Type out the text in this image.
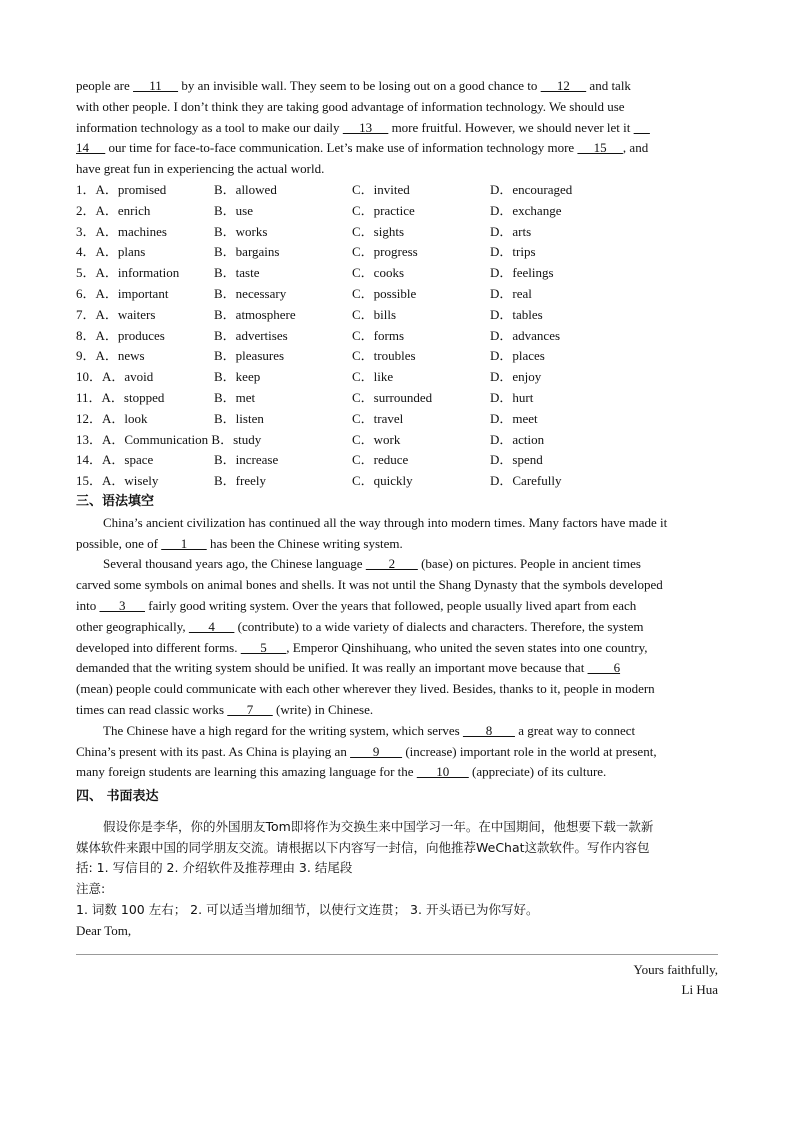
people are      11      by an invisible wall. They seem to be losing out on a good chance to      12      and talk
with other people. I don’t think they are taking good advantage of information technology. We should use
information technology as a tool to make our daily      13      more fruitful. However, we should never let it
14      our time for face-to-face communication. Let’s make use of information technology more      15     , and
have great fun in experiencing the actual world.
1．A．promised	B．allowed	C．invited	D．encouraged
2．A．enrich	B．use	C．practice	D．exchange
3．A．machines	B．works	C．sights	D．arts
4．A．plans	B．bargains	C．progress	D．trips
5．A．information	B．taste	C．cooks	D．feelings
6．A．important	B．necessary	C．possible	D．real
7．A．waiters	B．atmosphere	C．bills	D．tables
8．A．produces	B．advertises	C．forms	D．advances
9．A．news	B．pleasures	C．troubles	D．places
10．A．avoid	B．keep	C．like	D．enjoy
11．A．stopped	B．met	C．surrounded	D．hurt
12．A．look	B．listen	C．travel	D．meet
13．A．Communication B．study	C．work	D．action
14．A．space	B．increase	C．reduce	D．spend
15．A．wisely	B．freely	C．quickly	D．Carefully
三、语法填空
China’s ancient civilization has continued all the way through into modern times. Many factors have made it
possible, one of       1       has been the Chinese writing system.
Several thousand years ago, the Chinese language        2        (base) on pictures. People in ancient times
carved some symbols on animal bones and shells. It was not until the Shang Dynasty that the symbols developed
into       3       fairly good writing system. Over the years that followed, people usually lived apart from each
other geographically,       4       (contribute) to a wide variety of dialects and characters. Therefore, the system
developed into different forms.       5      , Emperor Qinshihuang, who united the seven states into one country,
demanded that the writing system should be unified. It was really an important move because that         6
(mean) people could communicate with each other wherever they lived. Besides, thanks to it, people in modern
times can read classic works       7       (write) in Chinese.
The Chinese have a high regard for the writing system, which serves        8        a great way to connect
China’s present with its past. As China is playing an        9        (increase) important role in the world at present,
many foreign students are learning this amazing language for the       10       (appreciate) of its culture.
四、 书面表达
假设你是李华，你的外国朋友Tom即将作为交换生来中国学习一年。在中国期间，他想要下载一款新
媒体软件来跟中国的同学朋友交流。请根据以下内容写一封信，向他推荐WeChat这款软件。写作内容包
括: 1. 写信目的 2. 介绍软件及推荐理由 3. 结尾段
注意:
1. 词数 100 左右； 2. 可以适当增加细节，以使行文连贯； 3. 开头语已为你写好。
Dear Tom,
Yours faithfully,
Li Hua
